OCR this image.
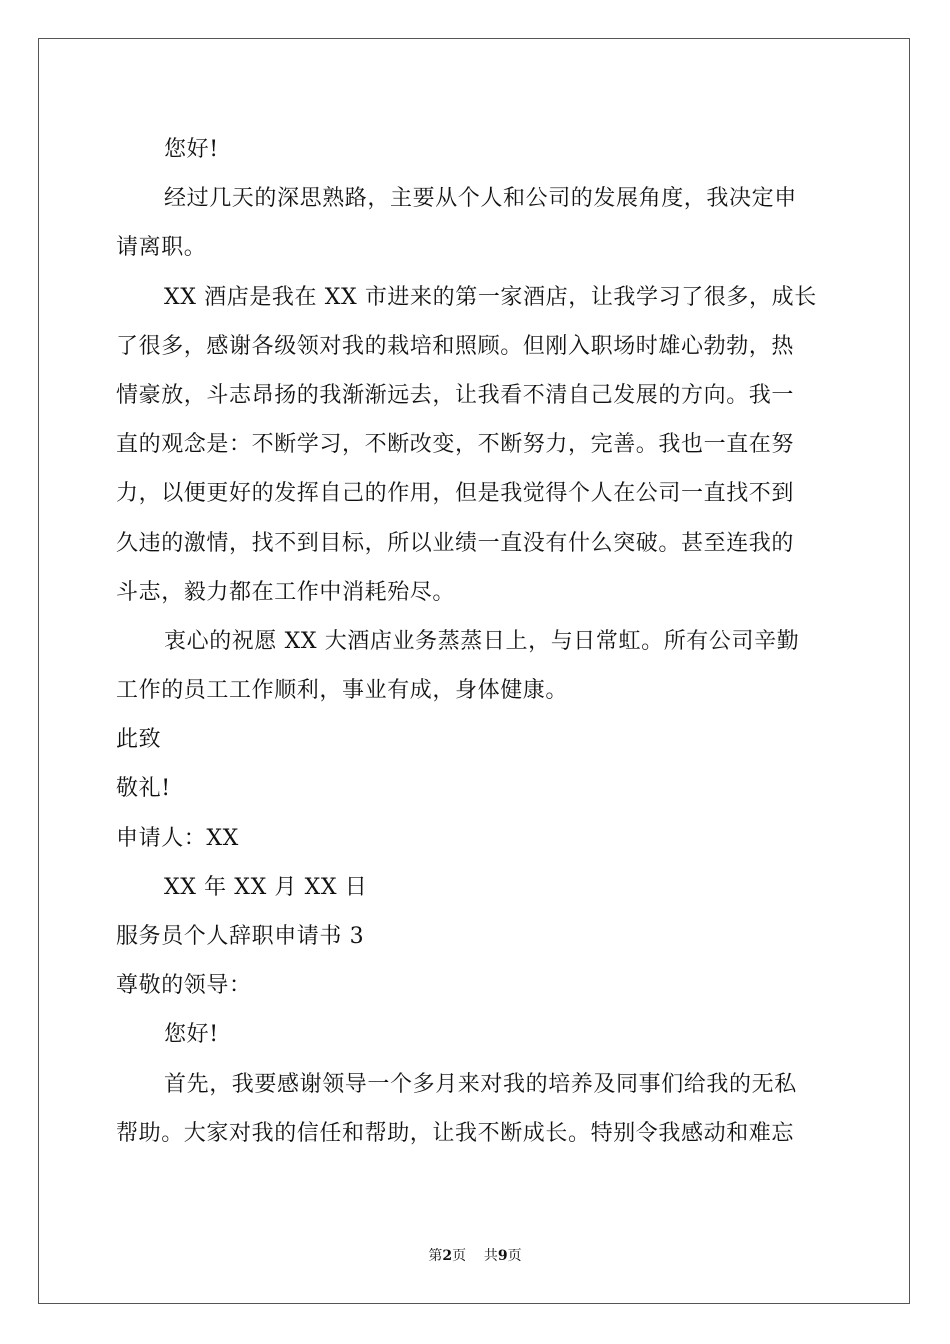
您好!
经过几天的深思熟路，主要从个人和公司的发展角度，我决定申
请离职。
XX 酒店是我在 XX 市进来的第一家酒店，让我学习了很多，成长
了很多，感谢各级领对我的栽培和照顾。但刚入职场时雄心勃勃，热
情豪放，斗志昂扬的我渐渐远去，让我看不清自己发展的方向。我一
直的观念是：不断学习，不断改变，不断努力，完善。我也一直在努
力，以便更好的发挥自己的作用，但是我觉得个人在公司一直找不到
久违的激情，找不到目标，所以业绩一直没有什么突破。甚至连我的
斗志，毅力都在工作中消耗殆尽。
衷心的祝愿 XX 大酒店业务蒸蒸日上，与日常虹。所有公司辛勤
工作的员工工作顺利，事业有成，身体健康。
此致
敬礼!
申请人：XX
XX 年 XX 月 XX 日
服务员个人辞职申请书 3
尊敬的领导：
您好!
首先，我要感谢领导一个多月来对我的培养及同事们给我的无私
帮助。大家对我的信任和帮助，让我不断成长。特别令我感动和难忘
第2页    共9页
